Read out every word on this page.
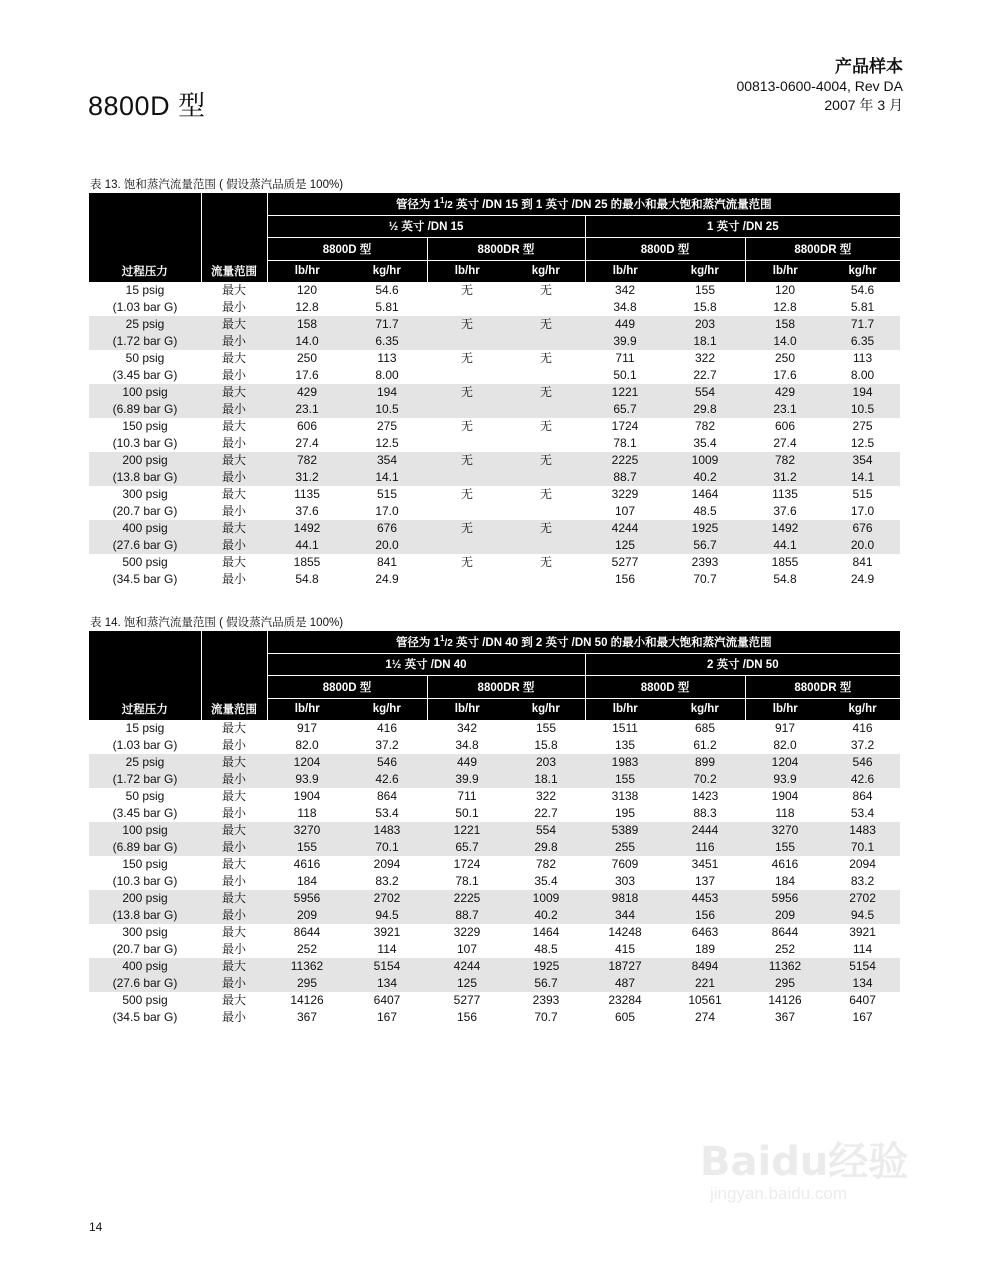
8800D 型
产品样本
00813-0600-4004, Rev DA
2007 年 3 月
表 13. 饱和蒸汽流量范围 ( 假设蒸汽品质是 100%)
过程压力	流量范围	管径为 $1^1/2$ 英寸 /DN 15 到 1 英寸 /DN 25 的最小和最大饱和蒸汽流量范围							
		½ 英寸 /DN 15				1 英寸 /DN 25			
		8800D 型		8800DR 型		8800D 型		8800DR 型	
		lb/hr	kg/hr	lb/hr	kg/hr	lb/hr	kg/hr	lb/hr	kg/hr
15 psig	最大	120	54.6	无	无	342	155	120	54.6
(1.03 bar G)	最小	12.8	5.81			34.8	15.8	12.8	5.81
25 psig	最大	158	71.7	无	无	449	203	158	71.7
(1.72 bar G)	最小	14.0	6.35			39.9	18.1	14.0	6.35
50 psig	最大	250	113	无	无	711	322	250	113
(3.45 bar G)	最小	17.6	8.00			50.1	22.7	17.6	8.00
100 psig	最大	429	194	无	无	1221	554	429	194
(6.89 bar G)	最小	23.1	10.5			65.7	29.8	23.1	10.5
150 psig	最大	606	275	无	无	1724	782	606	275
(10.3 bar G)	最小	27.4	12.5			78.1	35.4	27.4	12.5
200 psig	最大	782	354	无	无	2225	1009	782	354
(13.8 bar G)	最小	31.2	14.1			88.7	40.2	31.2	14.1
300 psig	最大	1135	515	无	无	3229	1464	1135	515
(20.7 bar G)	最小	37.6	17.0			107	48.5	37.6	17.0
400 psig	最大	1492	676	无	无	4244	1925	1492	676
(27.6 bar G)	最小	44.1	20.0			125	56.7	44.1	20.0
500 psig	最大	1855	841	无	无	5277	2393	1855	841
(34.5 bar G)	最小	54.8	24.9			156	70.7	54.8	24.9
表 14. 饱和蒸汽流量范围 ( 假设蒸汽品质是 100%)
过程压力	流量范围	管径为 $1^1/2$ 英寸 /DN 40 到 2 英寸 /DN 50 的最小和最大饱和蒸汽流量范围							
		1½ 英寸 /DN 40				2 英寸 /DN 50			
		8800D 型		8800DR 型		8800D 型		8800DR 型	
		lb/hr	kg/hr	lb/hr	kg/hr	lb/hr	kg/hr	lb/hr	kg/hr
15 psig	最大	917	416	342	155	1511	685	917	416
(1.03 bar G)	最小	82.0	37.2	34.8	15.8	135	61.2	82.0	37.2
25 psig	最大	1204	546	449	203	1983	899	1204	546
(1.72 bar G)	最小	93.9	42.6	39.9	18.1	155	70.2	93.9	42.6
50 psig	最大	1904	864	711	322	3138	1423	1904	864
(3.45 bar G)	最小	118	53.4	50.1	22.7	195	88.3	118	53.4
100 psig	最大	3270	1483	1221	554	5389	2444	3270	1483
(6.89 bar G)	最小	155	70.1	65.7	29.8	255	116	155	70.1
150 psig	最大	4616	2094	1724	782	7609	3451	4616	2094
(10.3 bar G)	最小	184	83.2	78.1	35.4	303	137	184	83.2
200 psig	最大	5956	2702	2225	1009	9818	4453	5956	2702
(13.8 bar G)	最小	209	94.5	88.7	40.2	344	156	209	94.5
300 psig	最大	8644	3921	3229	1464	14248	6463	8644	3921
(20.7 bar G)	最小	252	114	107	48.5	415	189	252	114
400 psig	最大	11362	5154	4244	1925	18727	8494	11362	5154
(27.6 bar G)	最小	295	134	125	56.7	487	221	295	134
500 psig	最大	14126	6407	5277	2393	23284	10561	14126	6407
(34.5 bar G)	最小	367	167	156	70.7	605	274	367	167
14
Baidu经验
jingyan.baidu.com
